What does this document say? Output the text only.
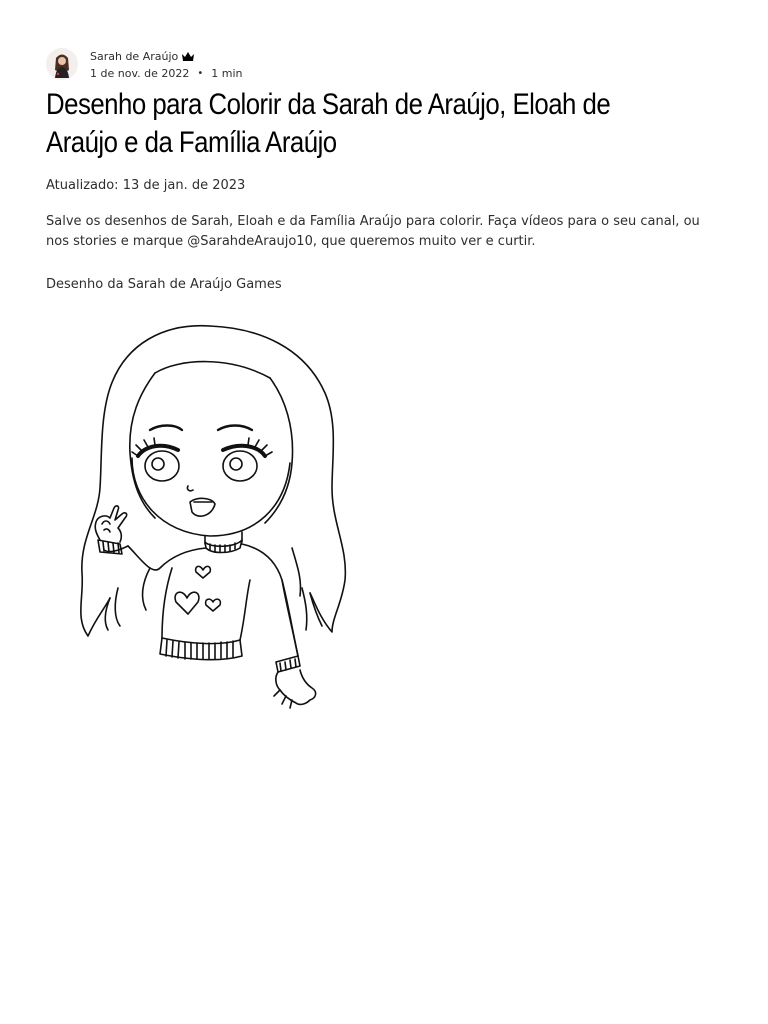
Sarah de Araújo
1 de nov. de 2022 • 1 min
Desenho para Colorir da Sarah de Araújo, Eloah de Araújo e da Família Araújo
Atualizado: 13 de jan. de 2023

Salve os desenhos de Sarah, Eloah e da Família Araújo para colorir. Faça vídeos para o seu canal, ou nos stories e marque @SarahdeAraujo10, que queremos muito ver e curtir.

Desenho da Sarah de Araújo Games
